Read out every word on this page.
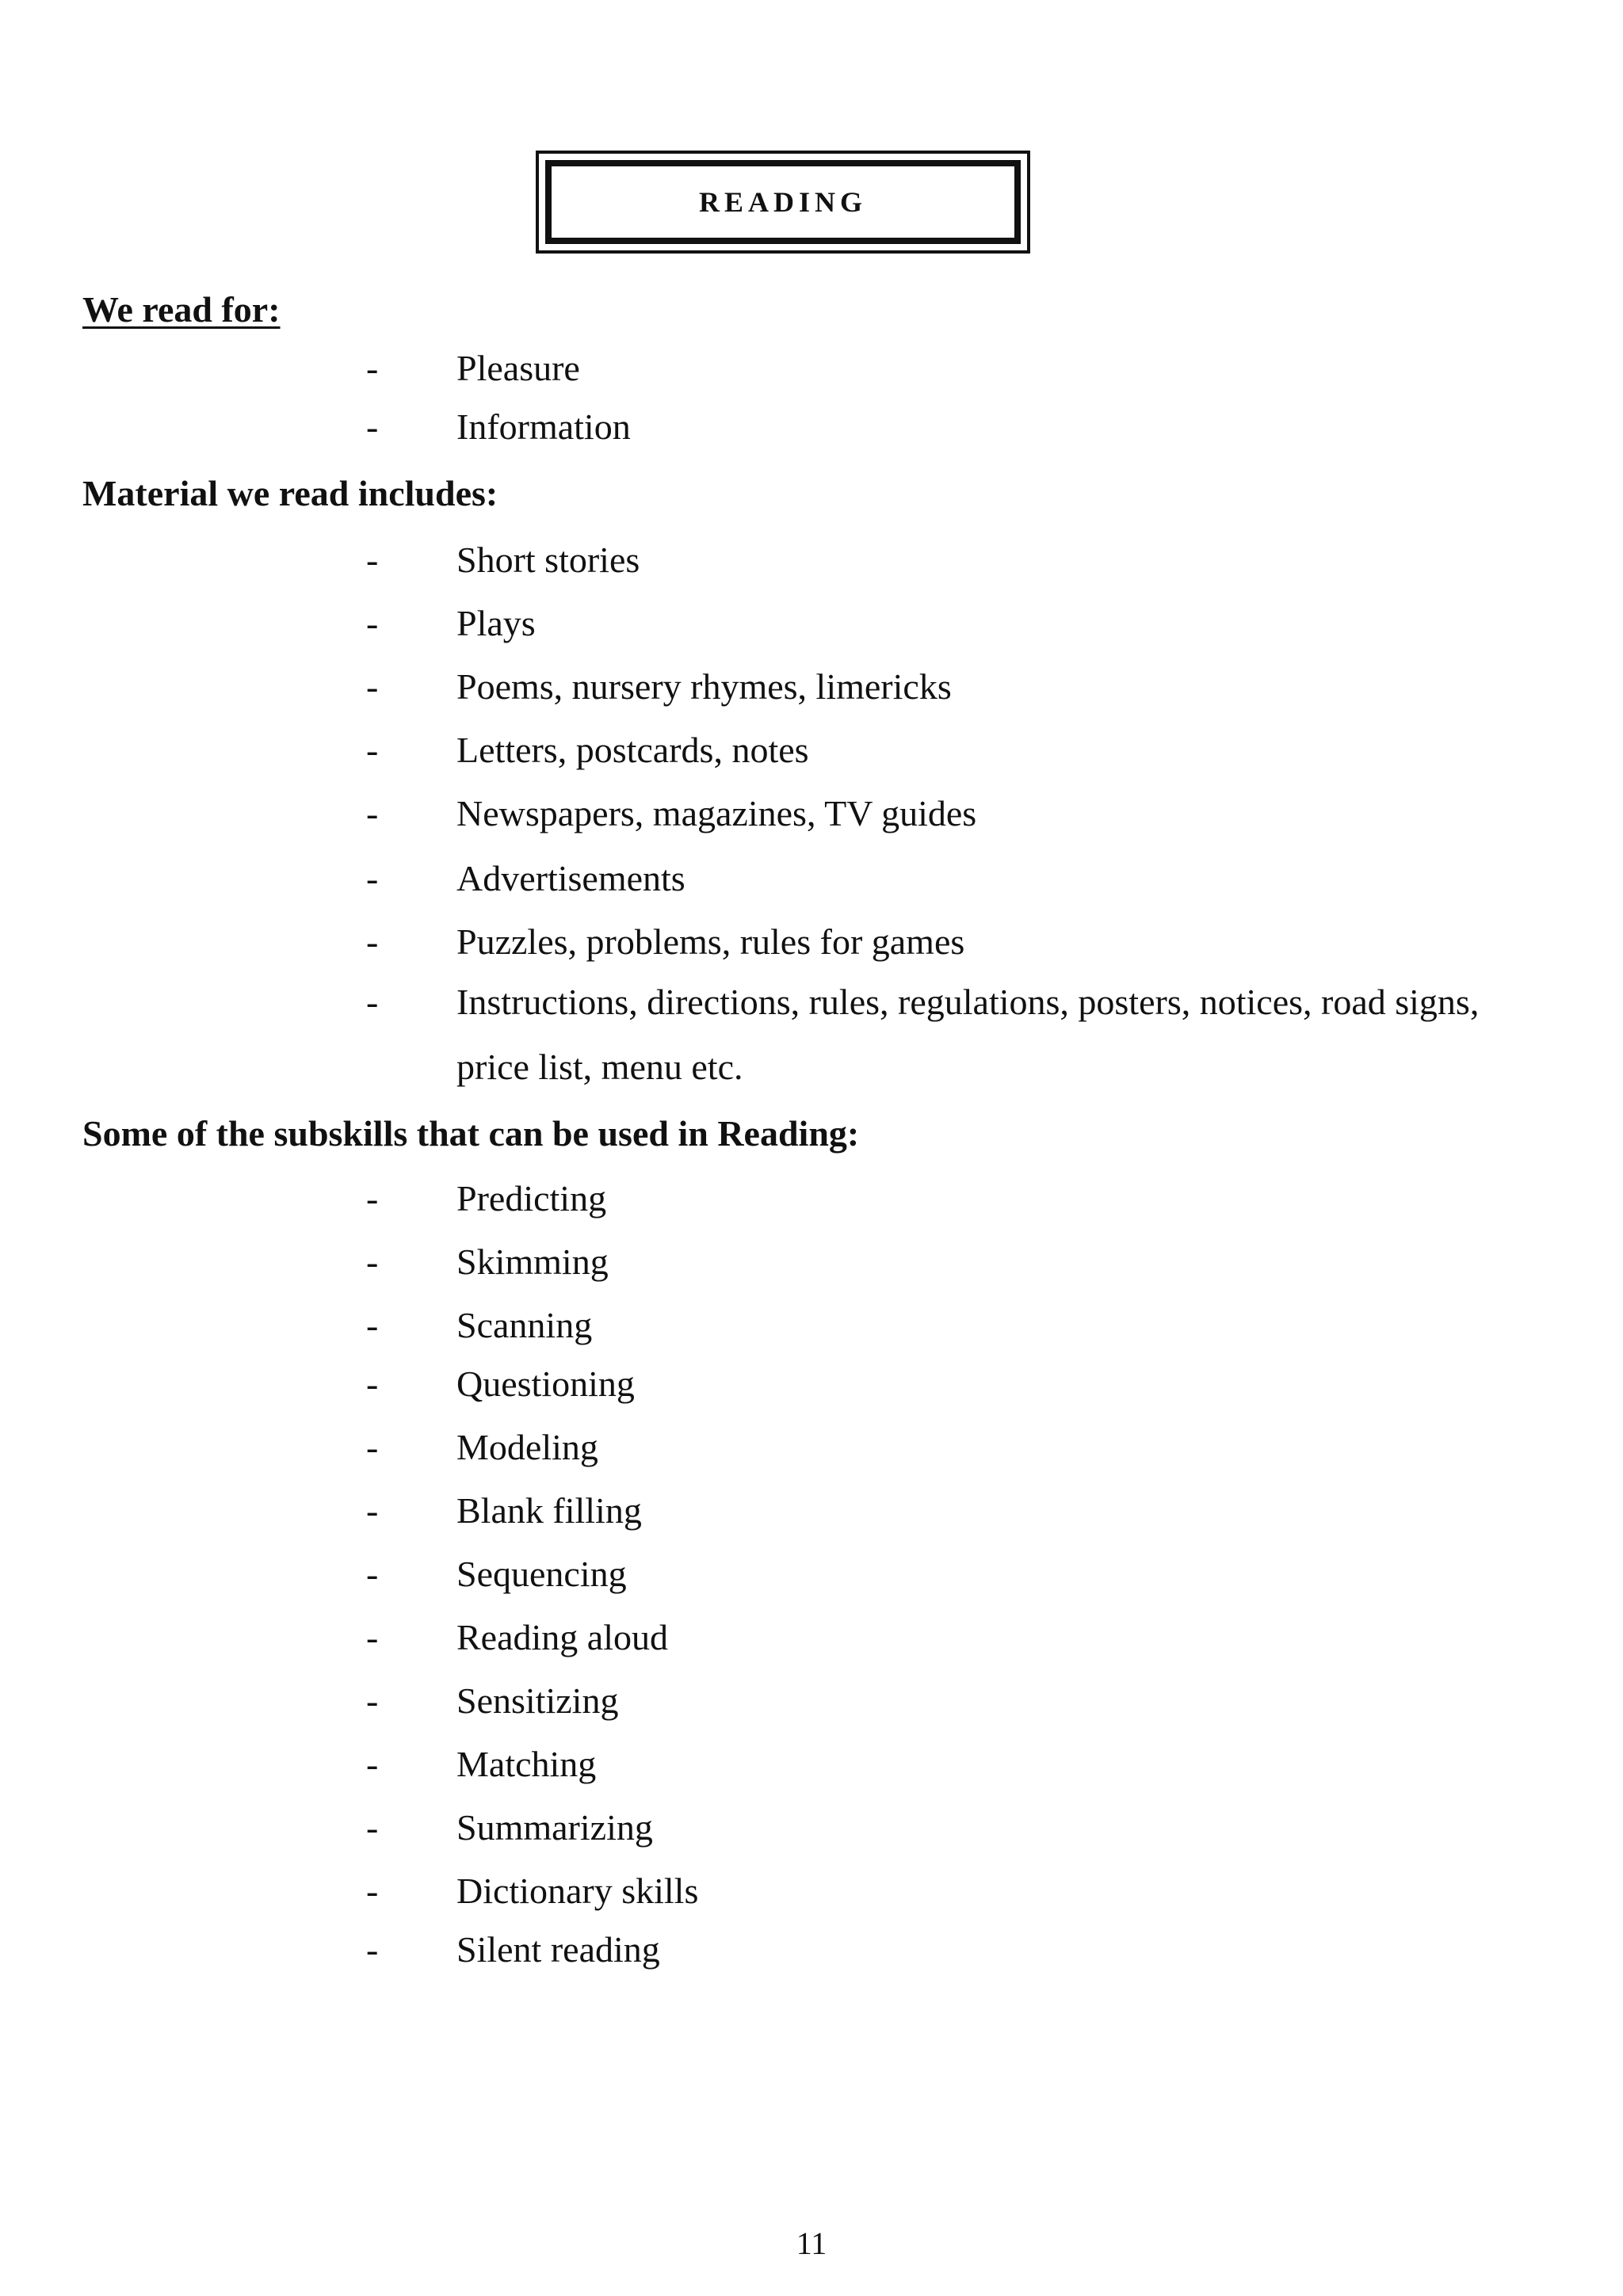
READING
We read for:
- Pleasure
- Information
Material we read includes:
- Short stories
- Plays
- Poems, nursery rhymes, limericks
- Letters, postcards, notes
- Newspapers, magazines, TV guides
- Advertisements
- Puzzles, problems, rules for games
- Instructions, directions, rules, regulations, posters, notices, road signs,
price list, menu etc.
Some of the subskills that can be used in Reading:
- Predicting
- Skimming
- Scanning
- Questioning
- Modeling
- Blank filling
- Sequencing
- Reading aloud
- Sensitizing
- Matching
- Summarizing
- Dictionary skills
- Silent reading
11
